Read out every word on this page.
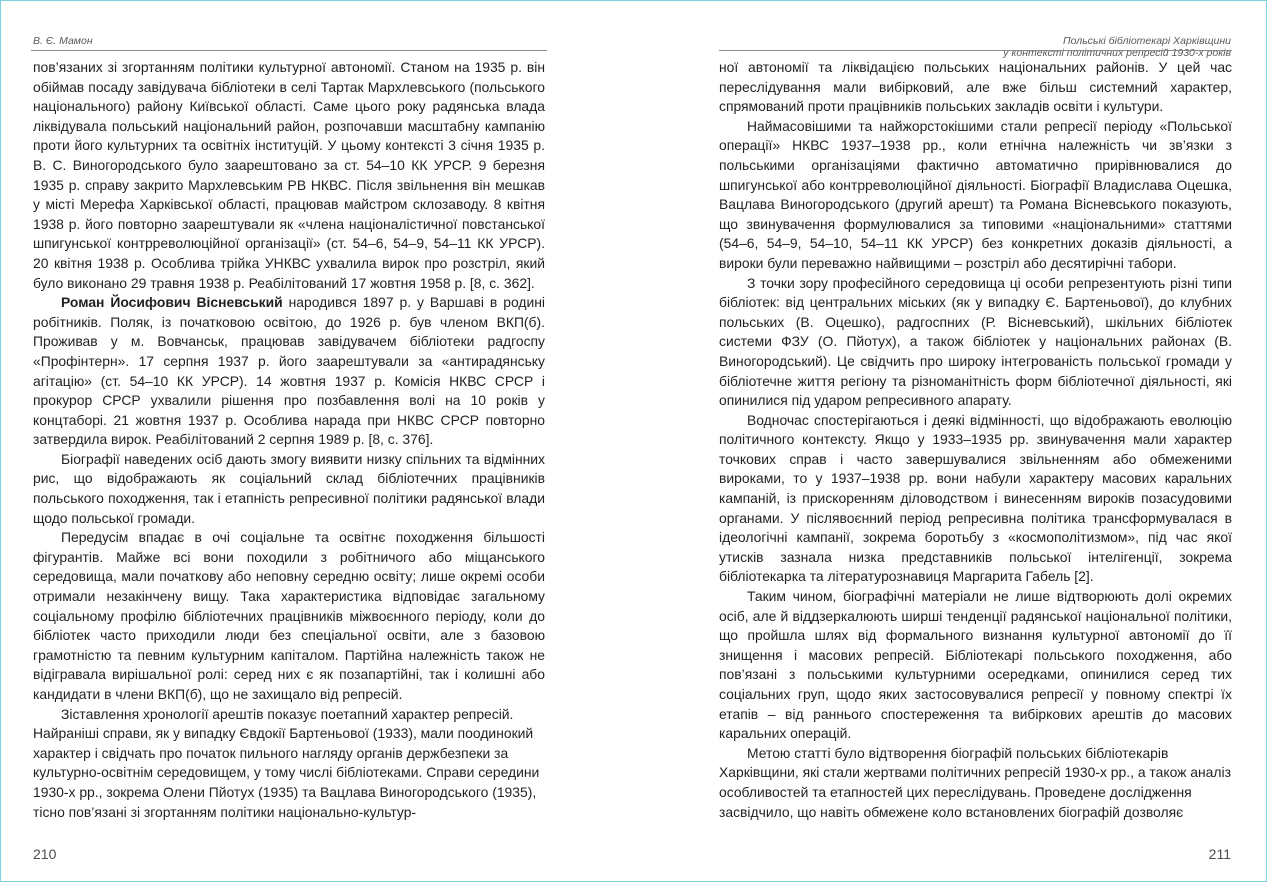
В. Є. Мамон

пов’язаних зі згортанням політики культурної автономії. Станом на 1935 р. він обіймав посаду завідувача бібліотеки в селі Тартак Мархлевського (польського національного) району Київської області. Саме цього року радянська влада ліквідувала польський національний район, розпочавши масштабну кампанію проти його культурних та освітніх інституцій. У цьому контексті 3 січня 1935 р. В. С. Виногородського було заарештовано за ст. 54–10 КК УРСР. 9 березня 1935 р. справу закрито Мархлевським РВ НКВС. Після звільнення він мешкав у місті Мерефа Харківської області, працював майстром склозаводу. 8 квітня 1938 р. його повторно заарештували як «члена націоналістичної повстанської шпигунської контрреволюційної організації» (ст. 54–6, 54–9, 54–11 КК УРСР). 20 квітня 1938 р. Особлива трійка УНКВС ухвалила вирок про розстріл, який було виконано 29 травня 1938 р. Реабілітований 17 жовтня 1958 р. [8, с. 362].

Роман Йосифович Вісневський народився 1897 р. у Варшаві в родині робітників. Поляк, із початковою освітою, до 1926 р. був членом ВКП(б). Проживав у м. Вовчанськ, працював завідувачем бібліотеки радгоспу «Профінтерн». 17 серпня 1937 р. його заарештували за «антирадянську агітацію» (ст. 54–10 КК УРСР). 14 жовтня 1937 р. Комісія НКВС СРСР і прокурор СРСР ухвалили рішення про позбавлення волі на 10 років у концтаборі. 21 жовтня 1937 р. Особлива нарада при НКВС СРСР повторно затвердила вирок. Реабілітований 2 серпня 1989 р. [8, с. 376].

Біографії наведених осіб дають змогу виявити низку спільних та відмінних рис, що відображають як соціальний склад бібліотечних працівників польського походження, так і етапність репресивної політики радянської влади щодо польської громади.

Передусім впадає в очі соціальне та освітнє походження більшості фігурантів. Майже всі вони походили з робітничого або міщанського середовища, мали початкову або неповну середню освіту; лише окремі особи отримали незакінчену вищу. Така характеристика відповідає загальному соціальному профілю бібліотечних працівників міжвоєнного періоду, коли до бібліотек часто приходили люди без спеціальної освіти, але з базовою грамотністю та певним культурним капіталом. Партійна належність також не відігравала вирішальної ролі: серед них є як позапартійні, так і колишні або кандидати в члени ВКП(б), що не захищало від репресій.

Зіставлення хронології арештів показує поетапний характер репресій. Найраніші справи, як у випадку Євдокії Бартеньової (1933), мали поодинокий характер і свідчать про початок пильного нагляду органів держбезпеки за культурно-освітнім середовищем, у тому числі бібліотеками. Справи середини 1930-х рр., зокрема Олени Пйотух (1935) та Вацлава Виногородського (1935), тісно пов’язані зі згортанням політики національно-культур-

210
Польські бібліотекарі Харківщини
у контексті політичних репресій 1930-х років

ної автономії та ліквідацією польських національних районів. У цей час переслідування мали вибірковий, але вже більш системний характер, спрямований проти працівників польських закладів освіти і культури.

Наймасовішими та найжорстокішими стали репресії періоду «Польської операції» НКВС 1937–1938 рр., коли етнічна належність чи зв’язки з польськими організаціями фактично автоматично прирівнювалися до шпигунської або контрреволюційної діяльності. Біографії Владислава Оцешка, Вацлава Виногородського (другий арешт) та Романа Вісневського показують, що звинувачення формулювалися за типовими «національними» статтями (54–6, 54–9, 54–10, 54–11 КК УРСР) без конкретних доказів діяльності, а вироки були переважно найвищими – розстріл або десятирічні табори.

З точки зору професійного середовища ці особи репрезентують різні типи бібліотек: від центральних міських (як у випадку Є. Бартеньової), до клубних польських (В. Оцешко), радгоспних (Р. Вісневський), шкільних бібліотек системи ФЗУ (О. Пйотух), а також бібліотек у національних районах (В. Виногородський). Це свідчить про широку інтегрованість польської громади у бібліотечне життя регіону та різноманітність форм бібліотечної діяльності, які опинилися під ударом репресивного апарату.

Водночас спостерігаються і деякі відмінності, що відображають еволюцію політичного контексту. Якщо у 1933–1935 рр. звинувачення мали характер точкових справ і часто завершувалися звільненням або обмеженими вироками, то у 1937–1938 рр. вони набули характеру масових каральних кампаній, із прискоренням діловодством і винесенням вироків позасудовими органами. У післявоєнний період репресивна політика трансформувалася в ідеологічні кампанії, зокрема боротьбу з «космополітизмом», під час якої утисків зазнала низка представників польської інтелігенції, зокрема бібліотекарка та літературознавиця Маргарита Габель [2].

Таким чином, біографічні матеріали не лише відтворюють долі окремих осіб, але й віддзеркалюють ширші тенденції радянської національної політики, що пройшла шлях від формального визнання культурної автономії до її знищення і масових репресій. Бібліотекарі польського походження, або пов’язані з польськими культурними осередками, опинилися серед тих соціальних груп, щодо яких застосовувалися репресії у повному спектрі їх етапів – від раннього спостереження та вибіркових арештів до масових каральних операцій.

Метою статті було відтворення біографій польських бібліотекарів Харківщини, які стали жертвами політичних репресій 1930-х рр., а також аналіз особливостей та етапностей цих переслідувань. Проведене дослідження засвідчило, що навіть обмежене коло встановлених біографій дозволяє

211
